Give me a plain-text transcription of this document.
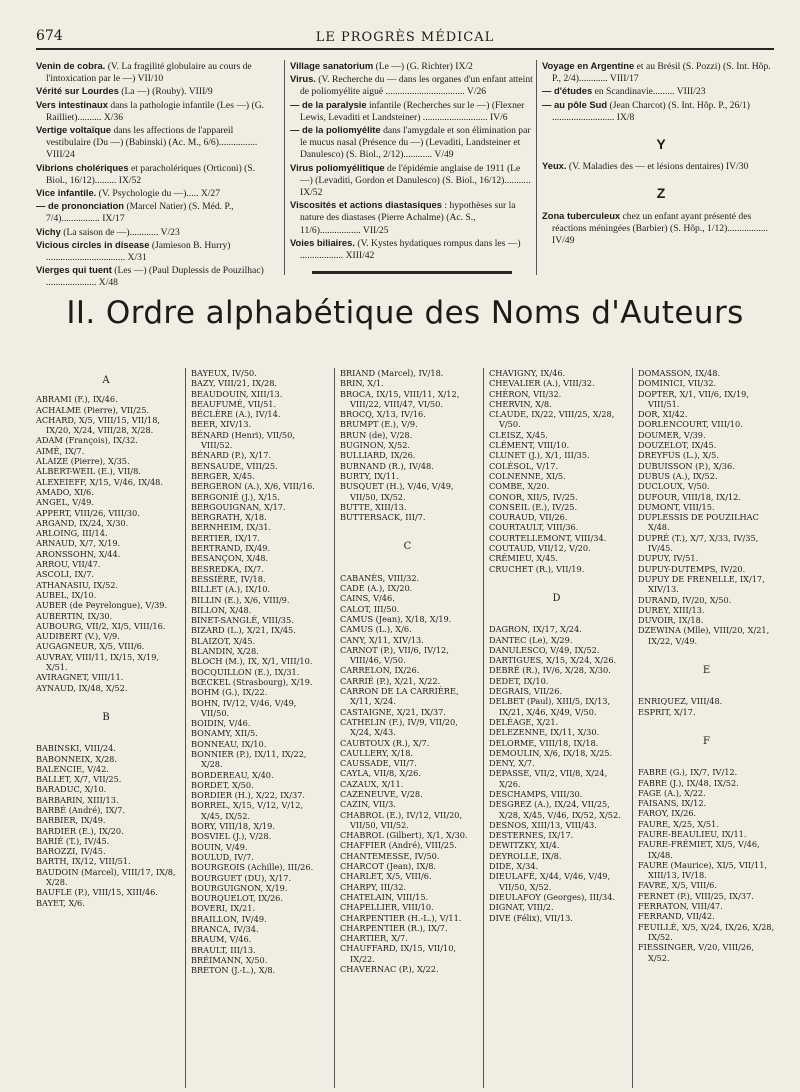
674	LE PROGRÈS MÉDICAL
Venin de cobra. (V. La fragilité globulaire au cours de l'intoxication par le —) VII/10
Vérité sur Lourdes (La —) (Rouby). VIII/9
Vers intestinaux dans la pathologie infantile (Les —) (G. Railliet).......... X/36
Vertige voltaïque dans les affections de l'appareil vestibulaire (Du —) (Babinski) (Ac. M., 6/6)................ VIII/24
Vibrions cholériques et paracholériques (Orticoni) (S. Biol., 16/12)......... IX/52
Vice infantile. (V. Psychologie du —)..... X/27
— de prononciation (Marcel Natier) (S. Méd. P., 7/4)................ IX/17
Vichy (La saison de —)............ V/23
Vicious circles in disease (Jamieson B. Hurry) ................................. X/31
Vierges qui tuent (Les —) (Paul Duplessis de Pouzilhac) ..................... X/48
Village sanatorium (Le —) (G. Richter) IX/2
Virus. (V. Recherche du — dans les organes d'un enfant atteint de poliomyélite aiguë ................................. V/26
— de la paralysie infantile (Recherches sur le —) (Flexner Lewis, Levaditi et Landsteiner) ........................... IV/6
— de la poliomyélite dans l'amygdale et son élimination par le mucus nasal (Présence du —) (Levaditi, Landsteiner et Danulesco) (S. Biol., 2/12)............ V/49
Virus poliomyélitique de l'épidémie anglaise de 1911 (Le —) (Levaditi, Gordon et Danulesco) (S. Biol., 16/12)........... IX/52
Viscosités et actions diastasiques : hypothèses sur la nature des diastases (Pierre Achalme) (Ac. S., 11/6)................. VII/25
Voies biliaires. (V. Kystes hydatiques rompus dans les —) .................. XIII/42
Voyage en Argentine et au Brésil (S. Pozzi) (S. Int. Hôp. P., 2/4)............ VIII/17
— d'études en Scandinavie......... VIII/23
— au pôle Sud (Jean Charcot) (S. Int. Hôp. P., 26/1) .......................... IX/8
Y
Yeux. (V. Maladies des — et lésions dentaires) IV/30
Z
Zona tuberculeux chez un enfant ayant présenté des réactions méningées (Barbier) (S. Hôp., 1/12)................. IV/49
II. Ordre alphabétique des Noms d'Auteurs
A
ABRAMI (F.), IX/46.
ACHALME (Pierre), VII/25.
ACHARD, X/5, VIII/15, VII/18, IX/20, X/24, VIII/28, X/28.
ADAM (François), IX/32.
AIMÉ, IX/7.
ALAIZE (Pierre), X/35.
ALBERT-WEIL (E.), VII/8.
ALEXEIEFF, X/15, V/46, IX/48.
AMADO, XI/6.
ANGEL, V/49.
APPERT, VIII/26, VIII/30.
ARGAND, IX/24, X/30.
ARLOING, III/14.
ARNAUD, X/7, X/19.
ARONSSOHN, X/44.
ARROU, VII/47.
ASCOLI, IX/7.
ATHANASIU, IX/52.
AUBEL, IX/10.
AUBER (de Peyrelongue), V/39.
AUBERTIN, IX/30.
AUBOURG, VII/2, XI/5, VIII/16.
AUDIBERT (V.), V/9.
AUGAGNEUR, X/5, VIII/6.
AUVRAY, VIII/11, IX/15, X/19, X/51.
AVIRAGNET, VIII/11.
AYNAUD, IX/48, X/52.
B
BABINSKI, VIII/24.
BABONNEIX, X/28.
BALENCIE, V/42.
BALLET, X/7, VII/25.
BARADUC, X/10.
BARBARIN, XIII/13.
BARBÉ (André), IX/7.
BARBIER, IX/49.
BARDIER (E.), IX/20.
BARIÉ (T.), IV/45.
BAROZZI, IV/45.
BARTH, IX/12, VIII/51.
BAUDOIN (Marcel), VIII/17, IX/8, X/28.
BAUFLE (P.), VIII/15, XIII/46.
BAYET, X/6.
BAYEUX, IV/50.
BAZY, VIII/21, IX/28.
BEAUDOUIN, XIII/13.
BEAUFUMÉ, VII/51.
BÉCLÈRE (A.), IV/14.
BEER, XIV/13.
BÉNARD (Henri), VII/50, VIII/52.
BÉNARD (P.), X/17.
BENSAUDE, VIII/25.
BERGER, X/45.
BERGERON (A.), X/6, VIII/16.
BERGONIÉ (J.), X/15.
BERGOUIGNAN, X/17.
BERGRATH, X/18.
BERNHEIM, IX/31.
BERTIER, IX/17.
BERTRAND, IX/49.
BESANÇON, X/48.
BESREDKA, IX/7.
BESSIÈRE, IV/18.
BILLET (A.), IX/10.
BILLIN (E.), X/6, VIII/9.
BILLON, X/48.
BINET-SANGLÉ, VIII/35.
BIZARD (L.), X/21, IX/45.
BLAIZOT, X/45.
BLANDIN, X/28.
BLOCH (M.), IX, X/1, VIII/10.
BOCQUILLON (E.), IX/31.
BŒCKEL (Strasbourg), X/19.
BOHM (G.), IX/22.
BOHN, IV/12, V/46, V/49, VII/50.
BOIDIN, V/46.
BONAMY, XII/5.
BONNEAU, IX/10.
BONNIER (P.), IX/11, IX/22, X/28.
BORDEREAU, X/40.
BORDET, X/50.
BORDIER (H.), X/22, IX/37.
BORREL, X/15, V/12, V/12, X/45, IX/52.
BORY, VIII/18, X/19.
BOSVIEL (J.), V/28.
BOUIN, V/49.
BOULUD, IV/7.
BOURGEOIS (Achille), III/26.
BOURGUET (DU), X/17.
BOURGUIGNON, X/19.
BOURQUELOT, IX/26.
BOVERI, IX/21.
BRAILLON, IV/49.
BRANCA, IV/34.
BRAUM, V/46.
BRAULT, III/13.
BRÉIMANN, X/50.
BRETON (J.-L.), X/8.
BRIAND (Marcel), IV/18.
BRIN, X/1.
BROCA, IX/15, VIII/11, X/12, VIII/22, VIII/47, VI/50.
BROCQ, X/13, IV/16.
BRUMPT (E.), V/9.
BRUN (de), V/28.
BUGINON, X/52.
BULLIARD, IX/26.
BURNAND (R.), IV/48.
BURTY, IX/11.
BUSQUET (H.), V/46, V/49, VII/50, IX/52.
BUTTE, XIII/13.
BUTTERSACK, III/7.
C
CABANÈS, VIII/32.
CADE (A.), IX/20.
CAINS, V/46.
CALOT, III/50.
CAMUS (Jean), X/18, X/19.
CAMUS (L.), X/6.
CANY, X/11, XIV/13.
CARNOT (P.), VII/6, IV/12, VIII/46, V/50.
CARRELON, IX/26.
CARRIÉ (P.), X/21, X/22.
CARRON DE LA CARRIÈRE, X/11, X/24.
CASTAIGNE, X/21, IX/37.
CATHELIN (F.), IV/9, VII/20, X/24, X/43.
CAUBTOUX (R.), X/7.
CAULLERY, X/18.
CAUSSADE, VII/7.
CAYLA, VII/8, X/26.
CAZAUX, X/11.
CAZENEUVE, V/28.
CAZIN, VII/3.
CHABROL (E.), IV/12, VII/20, VII/50, VII/52.
CHABROL (Gilbert), X/1, X/30.
CHAFFIER (André), VIII/25.
CHANTEMESSE, IV/50.
CHARCOT (Jean), IX/8.
CHARLET, X/5, VIII/6.
CHARPY, III/32.
CHATELAIN, VIII/15.
CHAPELLIER, VIII/10.
CHARPENTIER (H.-L.), V/11.
CHARPENTIER (R.), IX/7.
CHARTIER, X/7.
CHAUFFARD, IX/15, VII/10, IX/22.
CHAVERNAC (P.), X/22.
CHAVIGNY, IX/46.
CHEVALIER (A.), VIII/32.
CHÉRON, VII/32.
CHERVIN, X/8.
CLAUDE, IX/22, VIII/25, X/28, V/50.
CLEISZ, X/45.
CLÉMENT, VIII/10.
CLUNET (J.), X/1, III/35.
COLÉSOL, V/17.
COLNENNE, XI/5.
COMBE, X/20.
CONOR, XII/5, IV/25.
CONSEIL (E.), IV/25.
COURAUD, VII/26.
COURTAULT, VIII/36.
COURTELLEMONT, VIII/34.
COUTAUD, VII/12, V/20.
CRÉMIEU, X/45.
CRUCHET (R.), VII/19.
D
DAGRON, IX/17, X/24.
DANTEC (Le), X/29.
DANULESCO, V/49, IX/52.
DARTIGUES, X/15, X/24, X/26.
DEBRÉ (R.), IV/6, X/28, X/30.
DEDET, IX/10.
DEGRAIS, VII/26.
DELBET (Paul), XIII/5, IX/13, IX/21, X/46, X/49, V/50.
DELÉAGE, X/21.
DELEZENNE, IX/11, X/30.
DELORME, VIII/18, IX/18.
DEMOULIN, X/6, IX/18, X/25.
DENY, X/7.
DEPASSE, VII/2, VII/8, X/24, X/26.
DESCHAMPS, VIII/30.
DESGREZ (A.), IX/24, VII/25, X/28, X/45, V/46, IX/52, X/52.
DESNOS, XIII/13, VIII/43.
DESTERNES, IX/17.
DEWITZKY, XI/4.
DEYROLLE, IX/8.
DIDE, X/34.
DIEULAFÉ, X/44, V/46, V/49, VII/50, X/52.
DIEULAFOY (Georges), III/34.
DIGNAT, VIII/2.
DIVE (Félix), VII/13.
DOMASSON, IX/48.
DOMINICI, VII/32.
DOPTER, X/1, VII/6, IX/19, VIII/51.
DOR, XI/42.
DORLENCOURT, VIII/10.
DOUMER, V/39.
DOUZELOT, IX/45.
DREYFUS (L.), X/5.
DUBUISSON (P.), X/36.
DUBUS (A.), IX/52.
DUCLOUX, V/50.
DUFOUR, VIII/18, IX/12.
DUMONT, VIII/15.
DUPLESSIS DE POUZILHAC X/48.
DUPRÉ (T.), X/7, X/33, IV/35, IV/45.
DUPUY, IV/51.
DUPUY-DUTEMPS, IV/20.
DUPUY DE FRENELLE, IX/17, XIV/13.
DURAND, IV/20, X/50.
DUREY, XIII/13.
DUVOIR, IX/18.
DZEWINA (Mlle), VIII/20, X/21, IX/22, V/49.
E
ENRIQUEZ, VIII/48.
ESPRIT, X/17.
F
FABRE (G.), IX/7, IV/12.
FABRE (J.), IX/48, IX/52.
FAGE (A.), X/22.
FAISANS, IX/12.
FAROY, IX/26.
FAURE, X/25, X/51.
FAURE-BEAULIEU, IX/11.
FAURE-FRÉMIET, XI/5, V/46, IX/48.
FAURE (Maurice), XI/5, VII/11, XIII/13, IV/18.
FAVRE, X/5, VIII/6.
FERNET (P.), VIII/25, IX/37.
FERRATON, VIII/47.
FERRAND, VII/42.
FEUILLÉ, X/5, X/24, IX/26, X/28, IX/52.
FIESSINGER, V/20, VIII/26, X/52.
